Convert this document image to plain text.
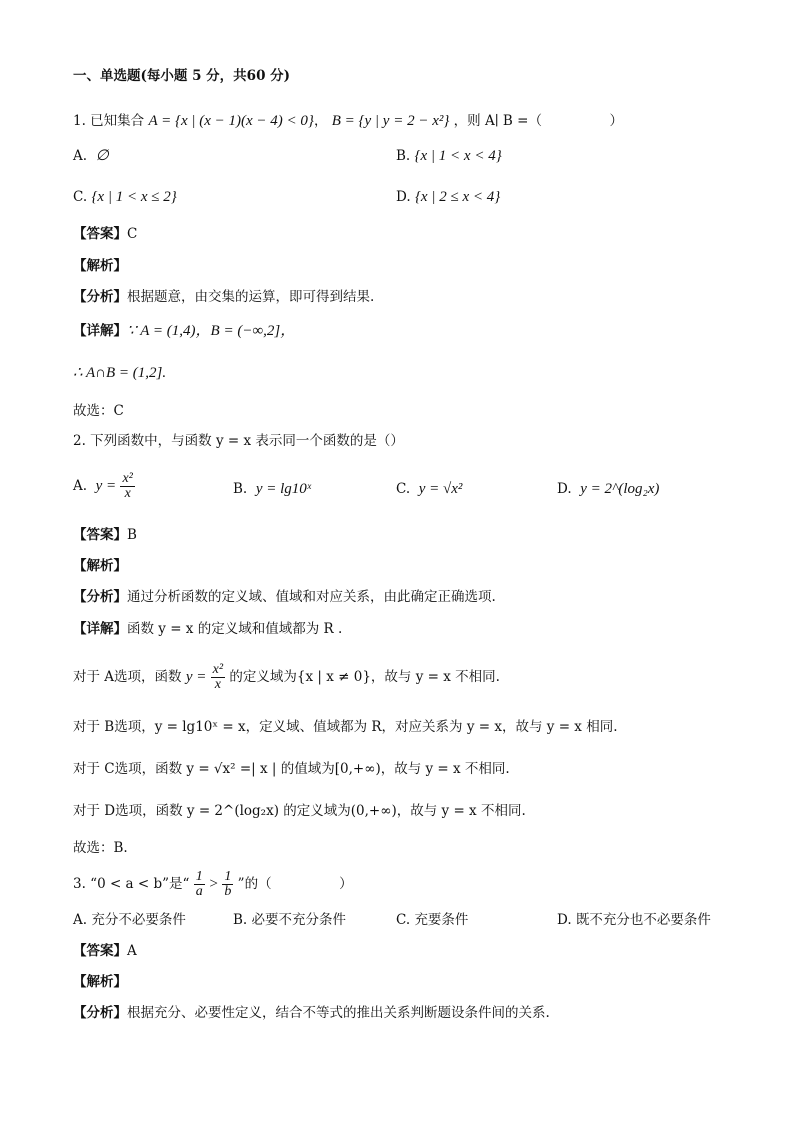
一、单选题(每小题 5 分，共60 分)
1. 已知集合 A = {x | (x − 1)(x − 4) < 0}， B = {y | y = 2 − x²} ，则 A∣ B =（　　　　　）
A. ∅	B. {x | 1 < x < 4}
C. {x | 1 < x ≤ 2}	D. {x | 2 ≤ x < 4}
【答案】C
【解析】
【分析】根据题意，由交集的运算，即可得到结果.
【详解】∵ A = (1,4)，B = (−∞,2]，
∴ A∩B = (1,2].
故选：C
2. 下列函数中，与函数 y = x 表示同一个函数的是（）
A. $y = \frac{\text{x²}}{x}$	B. y = lg10ˣ	C. y = √x²	D. y = 2^(log₂x)
【答案】B
【解析】
【分析】通过分析函数的定义域、值域和对应关系，由此确定正确选项.
【详解】函数 y = x 的定义域和值域都为 R .
对于 A选项，函数 $y = \frac{\text{x²}}{x}$ 的定义域为{x | x ≠ 0}，故与 y = x 不相同.
对于 B选项，y = lg10ˣ = x，定义域、值域都为 R，对应关系为 y = x，故与 y = x 相同.
对于 C选项，函数 y = √x² =| x | 的值域为[0,+∞)，故与 y = x 不相同.
对于 D选项，函数 y = 2^(log₂x) 的定义域为(0,+∞)，故与 y = x 不相同.
故选：B.
3. “0 < a < b”是“ $\frac{1}{a} > \frac{1}{b}$ ”的（　　　　　）
A. 充分不必要条件	B. 必要不充分条件	C. 充要条件	D. 既不充分也不必要条件
【答案】A
【解析】
【分析】根据充分、必要性定义，结合不等式的推出关系判断题设条件间的关系.
